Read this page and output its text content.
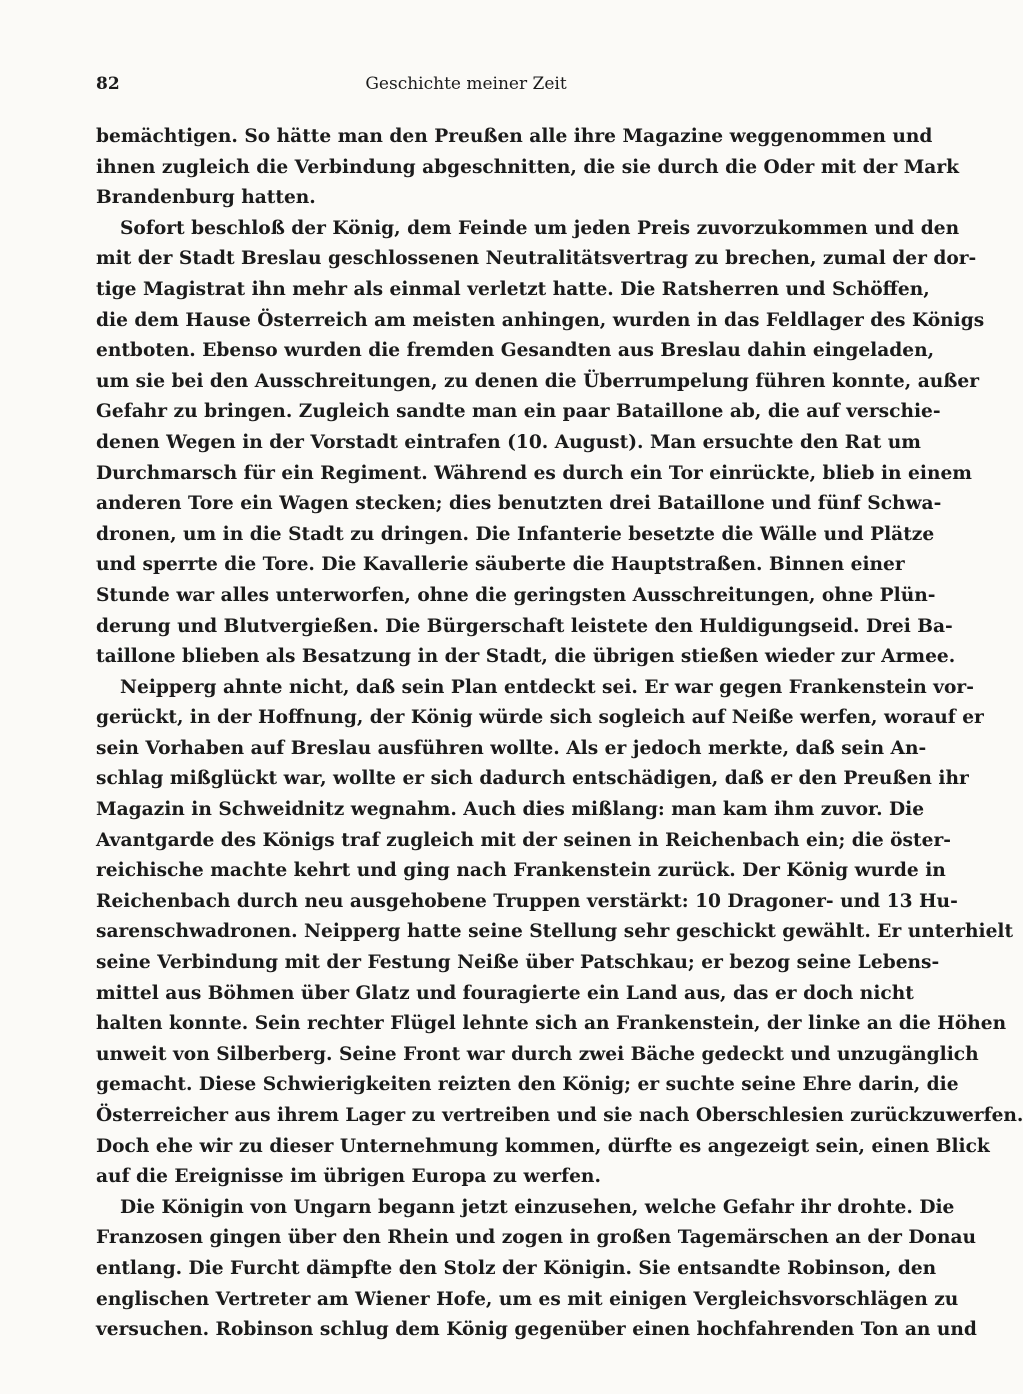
82	Geschichte meiner Zeit

bemächtigen. So hätte man den Preußen alle ihre Magazine weggenommen und
ihnen zugleich die Verbindung abgeschnitten, die sie durch die Oder mit der Mark
Brandenburg hatten.

Sofort beschloß der König, dem Feinde um jeden Preis zuvorzukommen und den
mit der Stadt Breslau geschlossenen Neutralitätsvertrag zu brechen, zumal der dor-
tige Magistrat ihn mehr als einmal verletzt hatte. Die Ratsherren und Schöffen,
die dem Hause Österreich am meisten anhingen, wurden in das Feldlager des Königs
entboten. Ebenso wurden die fremden Gesandten aus Breslau dahin eingeladen,
um sie bei den Ausschreitungen, zu denen die Überrumpelung führen konnte, außer
Gefahr zu bringen. Zugleich sandte man ein paar Bataillone ab, die auf verschie-
denen Wegen in der Vorstadt eintrafen (10. August). Man ersuchte den Rat um
Durchmarsch für ein Regiment. Während es durch ein Tor einrückte, blieb in einem
anderen Tore ein Wagen stecken; dies benutzten drei Bataillone und fünf Schwa-
dronen, um in die Stadt zu dringen. Die Infanterie besetzte die Wälle und Plätze
und sperrte die Tore. Die Kavallerie säuberte die Hauptstraßen. Binnen einer
Stunde war alles unterworfen, ohne die geringsten Ausschreitungen, ohne Plün-
derung und Blutvergießen. Die Bürgerschaft leistete den Huldigungseid. Drei Ba-
taillone blieben als Besatzung in der Stadt, die übrigen stießen wieder zur Armee.

Neipperg ahnte nicht, daß sein Plan entdeckt sei. Er war gegen Frankenstein vor-
gerückt, in der Hoffnung, der König würde sich sogleich auf Neiße werfen, worauf er
sein Vorhaben auf Breslau ausführen wollte. Als er jedoch merkte, daß sein An-
schlag mißglückt war, wollte er sich dadurch entschädigen, daß er den Preußen ihr
Magazin in Schweidnitz wegnahm. Auch dies mißlang: man kam ihm zuvor. Die
Avantgarde des Königs traf zugleich mit der seinen in Reichenbach ein; die öster-
reichische machte kehrt und ging nach Frankenstein zurück. Der König wurde in
Reichenbach durch neu ausgehobene Truppen verstärkt: 10 Dragoner- und 13 Hu-
sarenschwadronen. Neipperg hatte seine Stellung sehr geschickt gewählt. Er unterhielt
seine Verbindung mit der Festung Neiße über Patschkau; er bezog seine Lebens-
mittel aus Böhmen über Glatz und fouragierte ein Land aus, das er doch nicht
halten konnte. Sein rechter Flügel lehnte sich an Frankenstein, der linke an die Höhen
unweit von Silberberg. Seine Front war durch zwei Bäche gedeckt und unzugänglich
gemacht. Diese Schwierigkeiten reizten den König; er suchte seine Ehre darin, die
Österreicher aus ihrem Lager zu vertreiben und sie nach Oberschlesien zurückzuwerfen.
Doch ehe wir zu dieser Unternehmung kommen, dürfte es angezeigt sein, einen Blick
auf die Ereignisse im übrigen Europa zu werfen.

Die Königin von Ungarn begann jetzt einzusehen, welche Gefahr ihr drohte. Die
Franzosen gingen über den Rhein und zogen in großen Tagemärschen an der Donau
entlang. Die Furcht dämpfte den Stolz der Königin. Sie entsandte Robinson, den
englischen Vertreter am Wiener Hofe, um es mit einigen Vergleichsvorschlägen zu
versuchen. Robinson schlug dem König gegenüber einen hochfahrenden Ton an und
